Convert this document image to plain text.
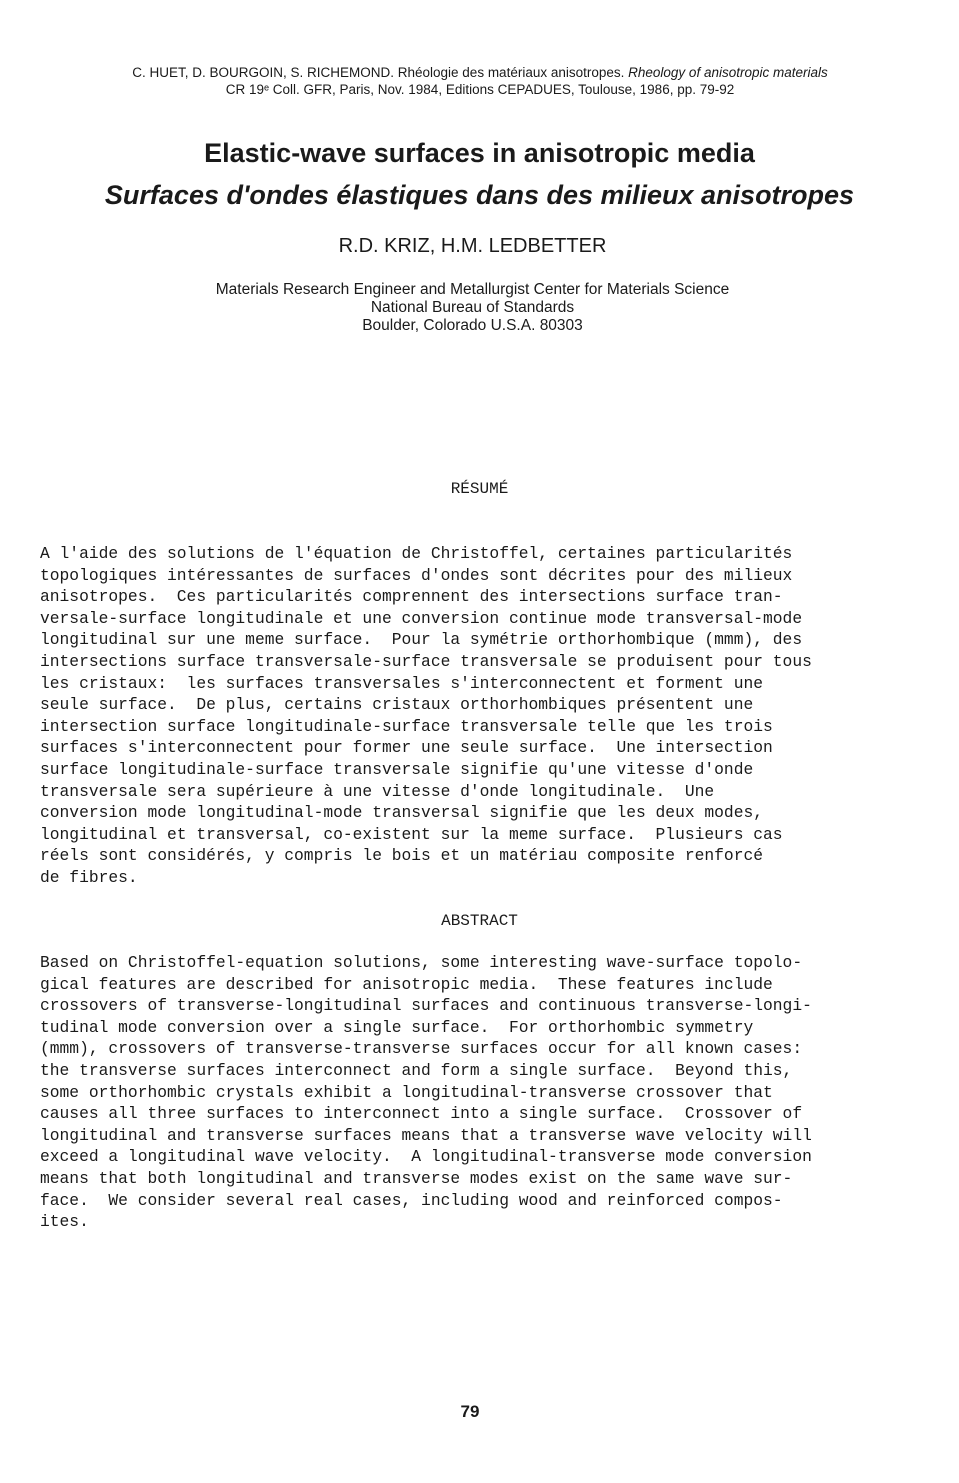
C. HUET, D. BOURGOIN, S. RICHEMOND. Rhéologie des matériaux anisotropes. Rheology of anisotropic materials
CR 19ᵉ Coll. GFR, Paris, Nov. 1984, Editions CEPADUES, Toulouse, 1986, pp. 79-92
Elastic-wave surfaces in anisotropic media
Surfaces d'ondes élastiques dans des milieux anisotropes
R.D. KRIZ, H.M. LEDBETTER
Materials Research Engineer and Metallurgist Center for Materials Science
National Bureau of Standards
Boulder, Colorado U.S.A. 80303
RÉSUMÉ
A l'aide des solutions de l'équation de Christoffel, certaines particularités
topologiques intéressantes de surfaces d'ondes sont décrites pour des milieux
anisotropes.  Ces particularités comprennent des intersections surface tran-
versale-surface longitudinale et une conversion continue mode transversal-mode
longitudinal sur une meme surface.  Pour la symétrie orthorhombique (mmm), des
intersections surface transversale-surface transversale se produisent pour tous
les cristaux:  les surfaces transversales s'interconnectent et forment une
seule surface.  De plus, certains cristaux orthorhombiques présentent une
intersection surface longitudinale-surface transversale telle que les trois
surfaces s'interconnectent pour former une seule surface.  Une intersection
surface longitudinale-surface transversale signifie qu'une vitesse d'onde
transversale sera supérieure à une vitesse d'onde longitudinale.  Une
conversion mode longitudinal-mode transversal signifie que les deux modes,
longitudinal et transversal, co-existent sur la meme surface.  Plusieurs cas
réels sont considérés, y compris le bois et un matériau composite renforcé
de fibres.
ABSTRACT
Based on Christoffel-equation solutions, some interesting wave-surface topolo-
gical features are described for anisotropic media.  These features include
crossovers of transverse-longitudinal surfaces and continuous transverse-longi-
tudinal mode conversion over a single surface.  For orthorhombic symmetry
(mmm), crossovers of transverse-transverse surfaces occur for all known cases:
the transverse surfaces interconnect and form a single surface.  Beyond this,
some orthorhombic crystals exhibit a longitudinal-transverse crossover that
causes all three surfaces to interconnect into a single surface.  Crossover of
longitudinal and transverse surfaces means that a transverse wave velocity will
exceed a longitudinal wave velocity.  A longitudinal-transverse mode conversion
means that both longitudinal and transverse modes exist on the same wave sur-
face.  We consider several real cases, including wood and reinforced compos-
ites.
79
